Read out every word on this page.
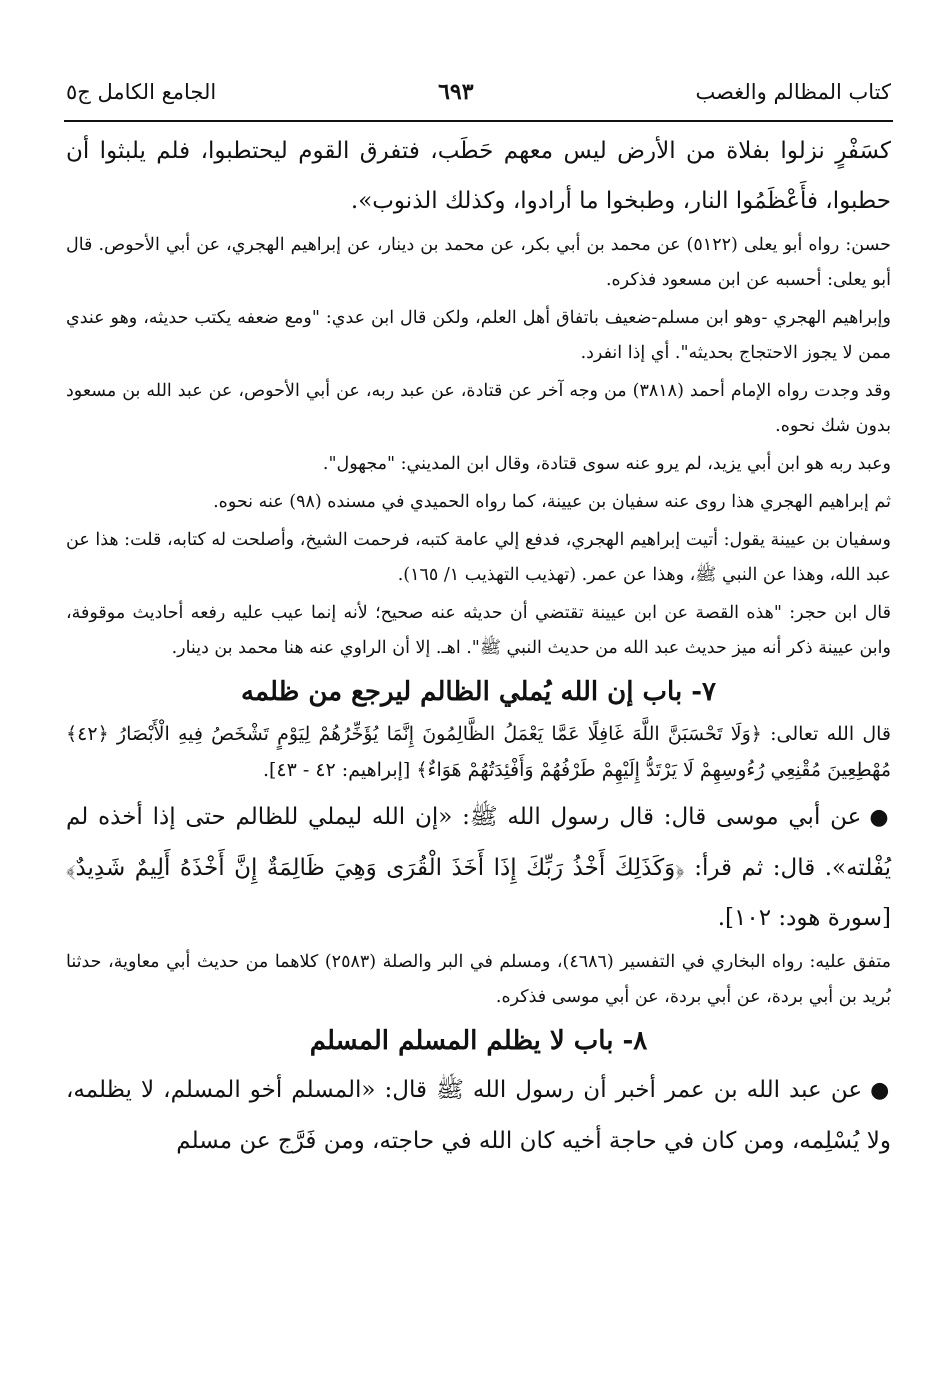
كتاب المظالم والغصب
٦٩٣
الجامع الكامل ج٥

كسَفْرٍ نزلوا بفلاة من الأرض ليس معهم حَطَب، فتفرق القوم ليحتطبوا، فلم يلبثوا أن حطبوا، فأَعْظَمُوا النار، وطبخوا ما أرادوا، وكذلك الذنوب».

حسن: رواه أبو يعلى (٥١٢٢) عن محمد بن أبي بكر، عن محمد بن دينار، عن إبراهيم الهجري، عن أبي الأحوص. قال أبو يعلى: أحسبه عن ابن مسعود فذكره.

وإبراهيم الهجري -وهو ابن مسلم-ضعيف باتفاق أهل العلم، ولكن قال ابن عدي: "ومع ضعفه يكتب حديثه، وهو عندي ممن لا يجوز الاحتجاج بحديثه". أي إذا انفرد.

وقد وجدت رواه الإمام أحمد (٣٨١٨) من وجه آخر عن قتادة، عن عبد ربه، عن أبي الأحوص، عن عبد الله بن مسعود بدون شك نحوه.

وعبد ربه هو ابن أبي يزيد، لم يرو عنه سوى قتادة، وقال ابن المديني: "مجهول".

ثم إبراهيم الهجري هذا روى عنه سفيان بن عيينة، كما رواه الحميدي في مسنده (٩٨) عنه نحوه.

وسفيان بن عيينة يقول: أتيت إبراهيم الهجري، فدفع إلي عامة كتبه، فرحمت الشيخ، وأصلحت له كتابه، قلت: هذا عن عبد الله، وهذا عن النبي ﷺ، وهذا عن عمر. (تهذيب التهذيب ١/ ١٦٥).

قال ابن حجر: "هذه القصة عن ابن عيينة تقتضي أن حديثه عنه صحيح؛ لأنه إنما عيب عليه رفعه أحاديث موقوفة، وابن عيينة ذكر أنه ميز حديث عبد الله من حديث النبي ﷺ". اهـ. إلا أن الراوي عنه هنا محمد بن دينار.

٧- باب إن الله يُملي الظالم ليرجع من ظلمه

قال الله تعالى: ﴿وَلَا تَحْسَبَنَّ اللَّهَ غَافِلًا عَمَّا يَعْمَلُ الظَّالِمُونَ إِنَّمَا يُؤَخِّرُهُمْ لِيَوْمٍ تَشْخَصُ فِيهِ الْأَبْصَارُ ﴿٤٢﴾ مُهْطِعِينَ مُقْنِعِي رُءُوسِهِمْ لَا يَرْتَدُّ إِلَيْهِمْ طَرْفُهُمْ وَأَفْئِدَتُهُمْ هَوَاءٌ﴾ [إبراهيم: ٤٢ - ٤٣].

●عن أبي موسى قال: قال رسول الله ﷺ: «إن الله ليملي للظالم حتى إذا أخذه لم يُفْلته». قال: ثم قرأ: ﴿وَكَذَلِكَ أَخْذُ رَبِّكَ إِذَا أَخَذَ الْقُرَى وَهِيَ ظَالِمَةٌ إِنَّ أَخْذَهُ أَلِيمٌ شَدِيدٌ﴾ [سورة هود: ١٠٢].

متفق عليه: رواه البخاري في التفسير (٤٦٨٦)، ومسلم في البر والصلة (٢٥٨٣) كلاهما من حديث أبي معاوية، حدثنا بُريد بن أبي بردة، عن أبي بردة، عن أبي موسى فذكره.

٨- باب لا يظلم المسلم المسلم

●عن عبد الله بن عمر أخبر أن رسول الله ﷺ قال: «المسلم أخو المسلم، لا يظلمه، ولا يُسْلِمه، ومن كان في حاجة أخيه كان الله في حاجته، ومن فَرَّج عن مسلم
